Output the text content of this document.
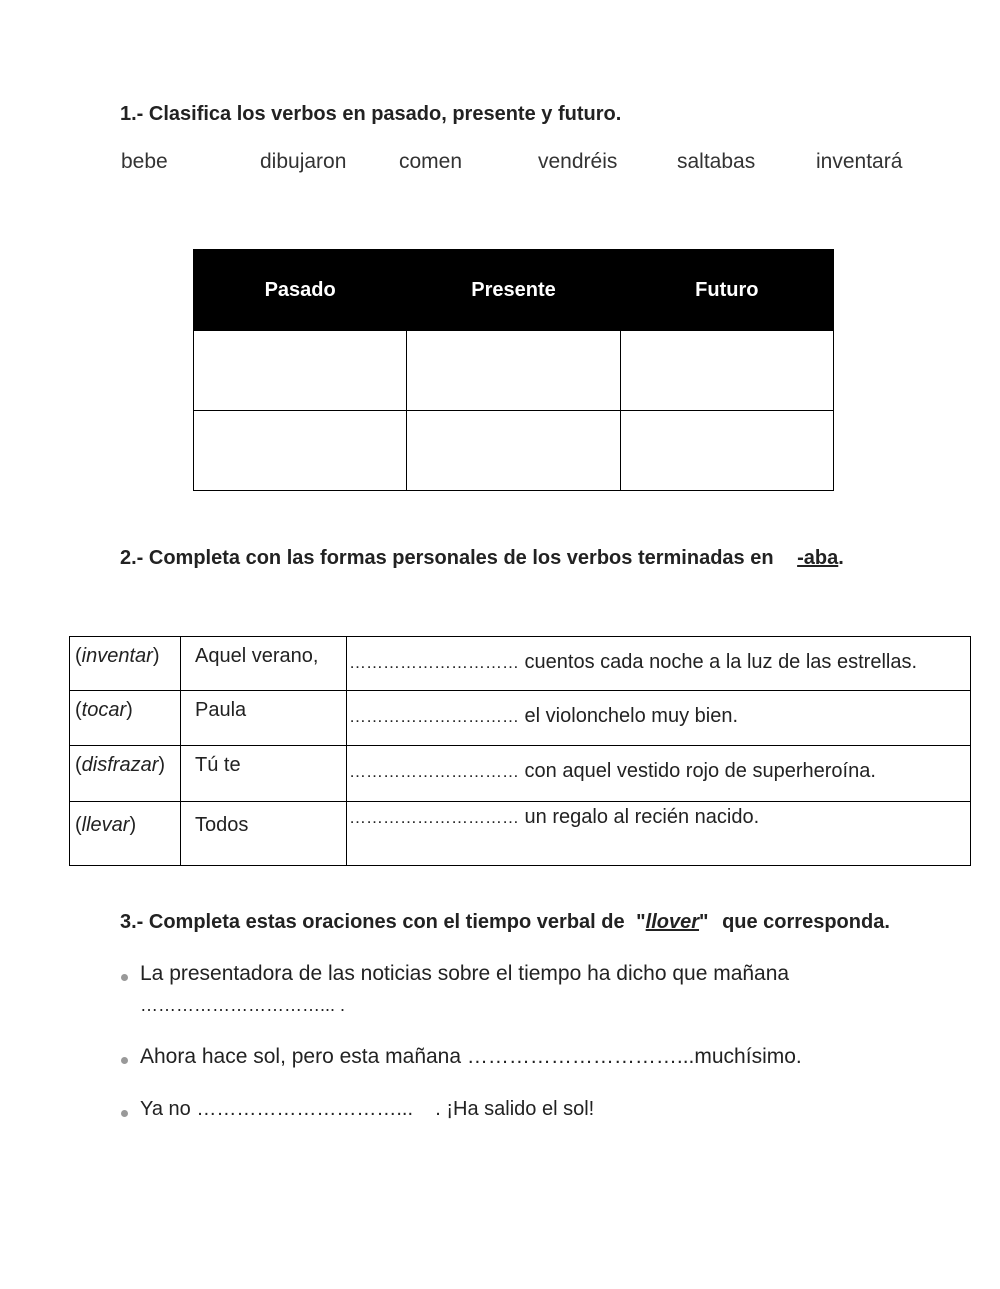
1.- Clasifica los verbos en pasado, presente y futuro.
bebe	dibujaron	comen	vendréis	saltabas	inventará
Pasado	Presente	Futuro

2.- Completa con las formas personales de los verbos terminadas en -aba.
(inventar)	Aquel verano,	………………………… cuentos cada noche a la luz de las estrellas.
(tocar)	Paula	………………………… el violonchelo muy bien.
(disfrazar)	Tú te	………………………… con aquel vestido rojo de superheroína.
(llevar)	Todos	………………………… un regalo al recién nacido.
3.- Completa estas oraciones con el tiempo verbal de "llover" que corresponda.
La presentadora de las noticias sobre el tiempo ha dicho que mañana
…………………………... .
Ahora hace sol, pero esta mañana …………………………...muchísimo.
Ya no …………………………...    . ¡Ha salido el sol!
